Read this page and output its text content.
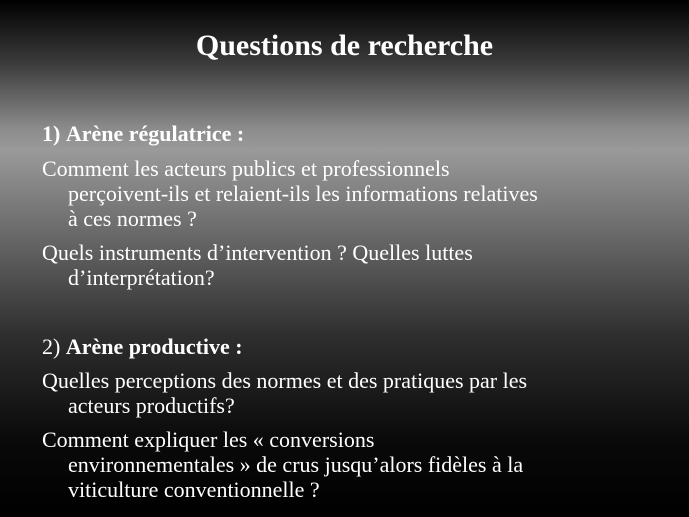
Questions de recherche
1) Arène régulatrice :
Comment les acteurs publics et professionnels
perçoivent-ils et relaient-ils les informations relatives
à ces normes ?
Quels instruments d’intervention ? Quelles luttes
d’interprétation?
2) Arène productive :
Quelles perceptions des normes et des pratiques par les
acteurs productifs?
Comment expliquer les « conversions
environnementales » de crus jusqu’alors fidèles à la
viticulture conventionnelle ?
